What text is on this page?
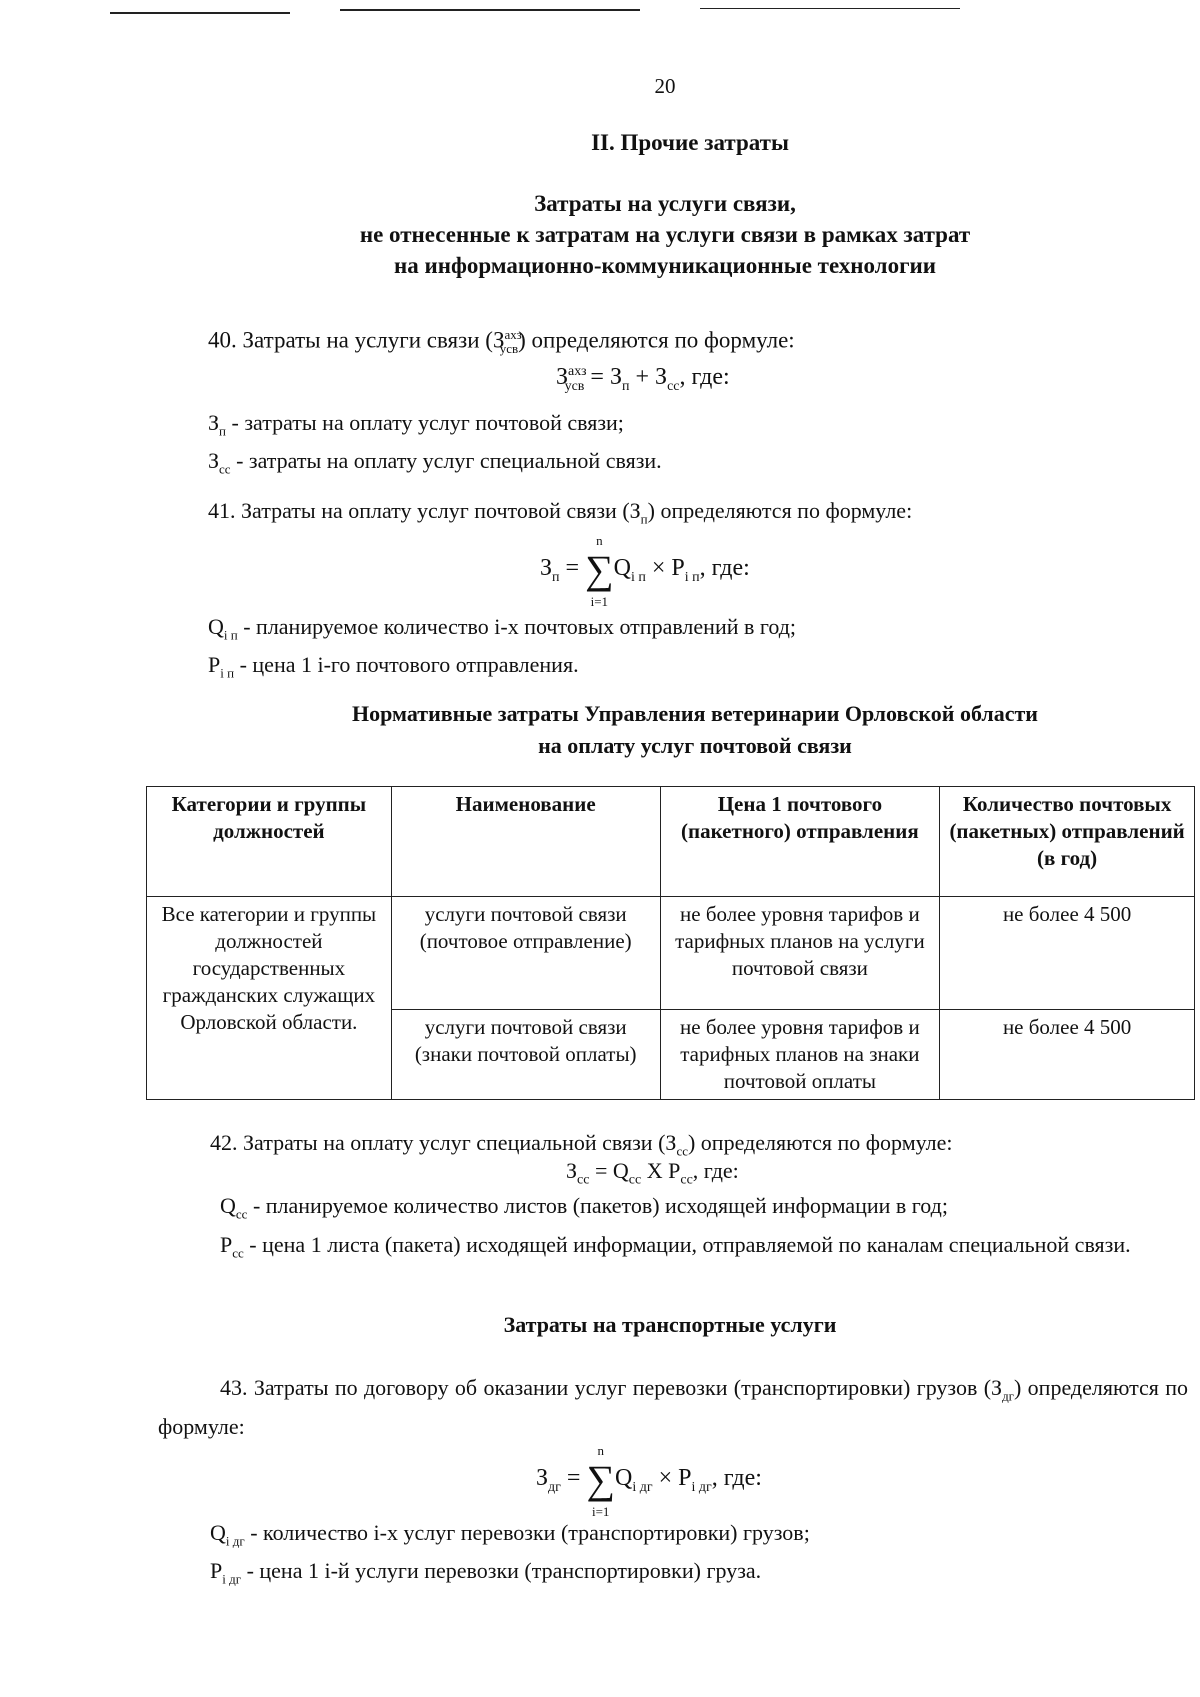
20
II. Прочие затраты
Затраты на услуги связи,
не отнесенные к затратам на услуги связи в рамках затрат
на информационно-коммуникационные технологии
40. Затраты на услуги связи $(З^{ахз}_{усв})$ определяются по формуле:
$З^{ахз}_{усв} = З_п + З_{сс}$, где:
$З_п$ - затраты на оплату услуг почтовой связи;
$З_{сс}$ - затраты на оплату услуг специальной связи.
41. Затраты на оплату услуг почтовой связи $(З_п)$ определяются по формуле:
$З_п$ =
n
∑
i=1
$Q_{i п} \times P_{i п}$, где:
$Q_{i п}$ - планируемое количество i-х почтовых отправлений в год;
$P_{i п}$ - цена 1 i-го почтового отправления.
Нормативные затраты Управления ветеринарии Орловской области
на оплату услуг почтовой связи
Категории и группы должностей	Наименование	Цена 1 почтового (пакетного) отправления	Количество почтовых (пакетных) отправлений (в год)
Все категории и группы должностей государственных гражданских служащих Орловской области.	услуги почтовой связи (почтовое отправление)	не более уровня тарифов и тарифных планов на услуги почтовой связи	не более 4 500
	услуги почтовой связи (знаки почтовой оплаты)	не более уровня тарифов и тарифных планов на знаки почтовой оплаты	не более 4 500
42. Затраты на оплату услуг специальной связи $(З_{сс})$ определяются по формуле:
$З_{сс} = Q_{сс}$ X $P_{сс}$, где:
$Q_{сс}$ - планируемое количество листов (пакетов) исходящей информации в год;
$P_{сс}$ - цена 1 листа (пакета) исходящей информации, отправляемой по каналам специальной связи.
Затраты на транспортные услуги
43. Затраты по договору об оказании услуг перевозки (транспортировки) грузов $(З_{дг})$ определяются по формуле:
$З_{дг}$ =
n
∑
i=1
$Q_{i дг} \times P_{i дг}$, где:
$Q_{i дг}$ - количество i-х услуг перевозки (транспортировки) грузов;
$P_{i дг}$ - цена 1 i-й услуги перевозки (транспортировки) груза.
